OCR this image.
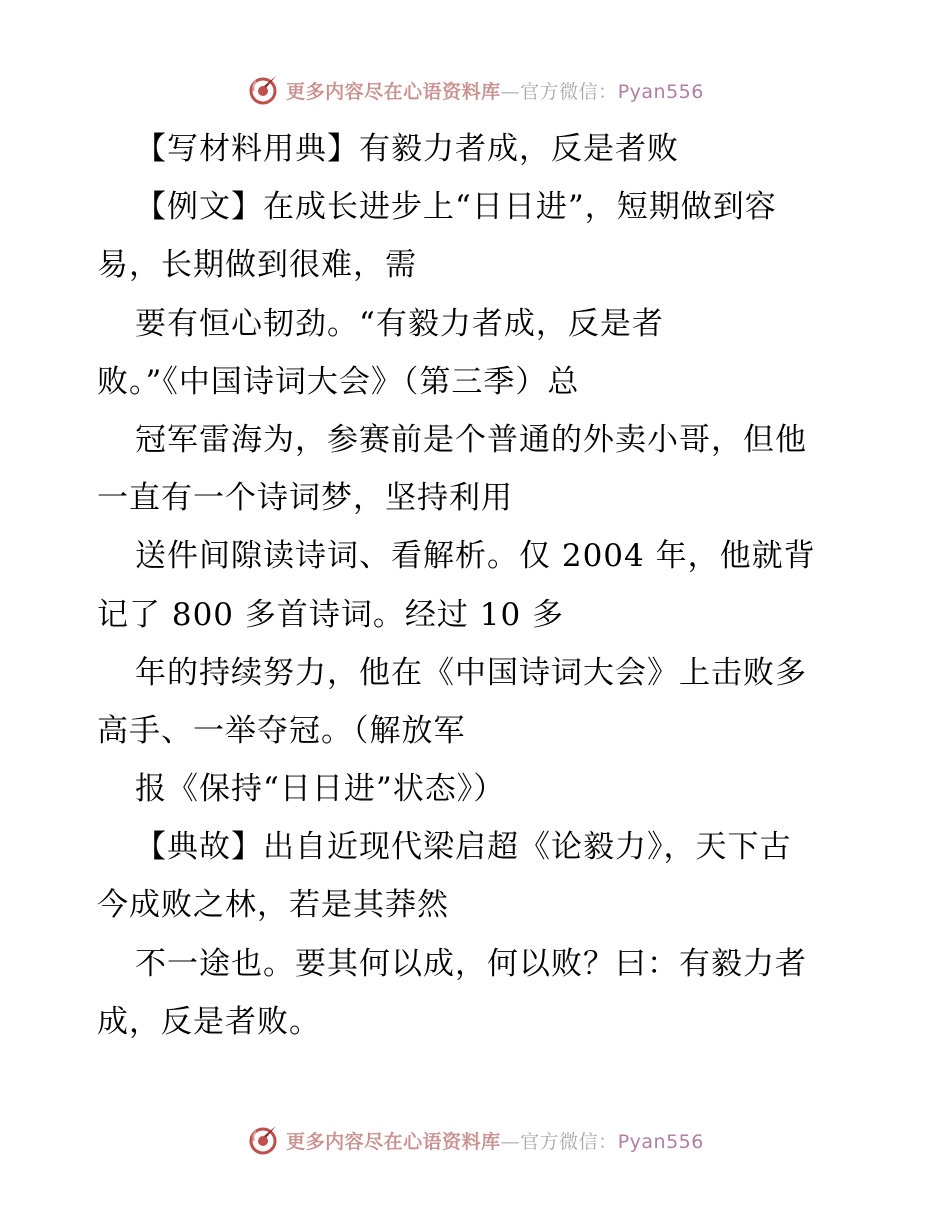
更多内容尽在心语资料库—官方微信：Pyan556
【写材料用典】有毅力者成，反是者败
【例文】在成长进步上“日日进”，短期做到容
易，长期做到很难，需
要有恒心韧劲。“有毅力者成，反是者
败。”《中国诗词大会》（第三季）总
冠军雷海为，参赛前是个普通的外卖小哥，但他
一直有一个诗词梦，坚持利用
送件间隙读诗词、看解析。仅 2004 年，他就背
记了 800 多首诗词。经过 10 多
年的持续努力，他在《中国诗词大会》上击败多
高手、一举夺冠。（解放军
报《保持“日日进”状态》）
【典故】出自近现代梁启超《论毅力》，天下古
今成败之林，若是其莽然
不一途也。要其何以成，何以败？曰：有毅力者
成，反是者败。
更多内容尽在心语资料库—官方微信：Pyan556
